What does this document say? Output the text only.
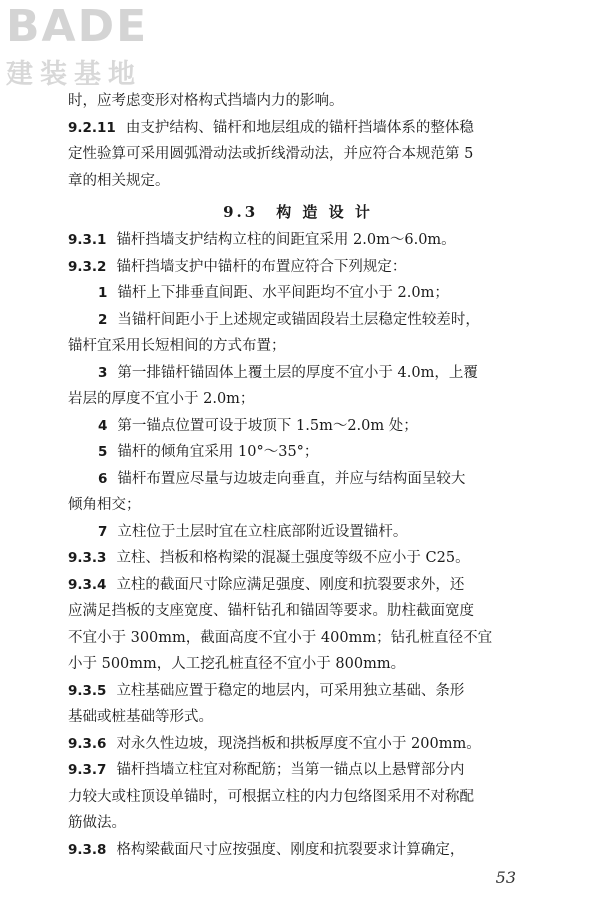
BADE
建装基地
时，应考虑变形对格构式挡墙内力的影响。
9.2.11 由支护结构、锚杆和地层组成的锚杆挡墙体系的整体稳
定性验算可采用圆弧滑动法或折线滑动法，并应符合本规范第 5
章的相关规定。
9.3　构 造 设 计
9.3.1 锚杆挡墙支护结构立柱的间距宜采用 2.0m～6.0m。
9.3.2 锚杆挡墙支护中锚杆的布置应符合下列规定：
1 锚杆上下排垂直间距、水平间距均不宜小于 2.0m；
2 当锚杆间距小于上述规定或锚固段岩土层稳定性较差时，
锚杆宜采用长短相间的方式布置；
3 第一排锚杆锚固体上覆土层的厚度不宜小于 4.0m，上覆
岩层的厚度不宜小于 2.0m；
4 第一锚点位置可设于坡顶下 1.5m～2.0m 处；
5 锚杆的倾角宜采用 10°～35°；
6 锚杆布置应尽量与边坡走向垂直，并应与结构面呈较大
倾角相交；
7 立柱位于土层时宜在立柱底部附近设置锚杆。
9.3.3 立柱、挡板和格构梁的混凝土强度等级不应小于 C25。
9.3.4 立柱的截面尺寸除应满足强度、刚度和抗裂要求外，还
应满足挡板的支座宽度、锚杆钻孔和锚固等要求。肋柱截面宽度
不宜小于 300mm，截面高度不宜小于 400mm；钻孔桩直径不宜
小于 500mm，人工挖孔桩直径不宜小于 800mm。
9.3.5 立柱基础应置于稳定的地层内，可采用独立基础、条形
基础或桩基础等形式。
9.3.6 对永久性边坡，现浇挡板和拱板厚度不宜小于 200mm。
9.3.7 锚杆挡墙立柱宜对称配筋；当第一锚点以上悬臂部分内
力较大或柱顶设单锚时，可根据立柱的内力包络图采用不对称配
筋做法。
9.3.8 格构梁截面尺寸应按强度、刚度和抗裂要求计算确定，
53
